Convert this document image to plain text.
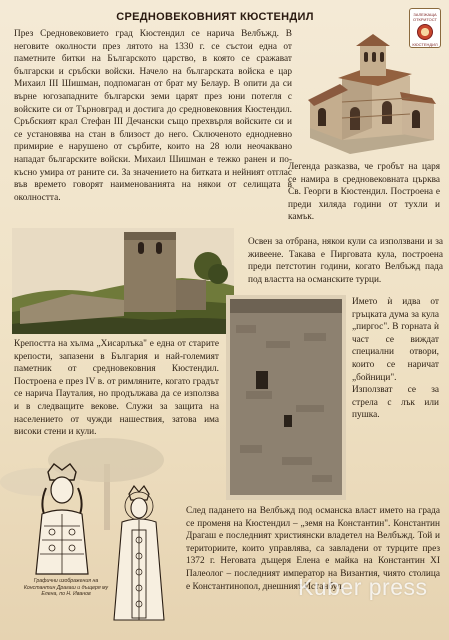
СРЕДНОВЕКОВНИЯТ КЮСТЕНДИЛ	ЗАЛЕЖАЩА ОТКРИТОСТ
КЮСТЕНДИЛ
През Средновековието град Кюстендил се нарича Велбъжд. В неговите околности през лятото на 1330 г. се състои една от паметните битки на Българското царство, в която се сражават български и сръбски войски. Начело на българската войска е цар Михаил III Шишман, подпомаган от брат му Белаур. В опити да си върне югозападните български земи царят през юни потегля с войските си от Търновград и достига до средновековния Кюстендил. Сръбският крал Стефан III Дечански също прехвърля войските си и се установява на стан в близост до него. Сключеното еднодневно примирие е нарушено от сърбите, които на 28 юли неочаквано нападат българските войски. Михаил Шишман е тежко ранен и по-късно умира от раните си. За значението на битката и нейният отглас във времето говорят наименованията на някои от селищата в околността.
Легенда разказва, че гробът на царя се намира в средновековната църква Св. Георги в Кюстендил. Построена е преди хиляда години от тухли и камък.
Освен за отбрана, някои кули са използвани и за живеене. Такава е Пирговата кула, построена преди петстотин години, когато Велбъжд пада под властта на османските турци.
Името ѝ идва от гръцката дума за кула „пиргос". В горната ѝ част се виждат специални отвори, които се наричат „бойници". Използват се за стрела с лък или пушка.
Крепостта на хълма „Хисарлъка" е една от старите крепости, запазени в България и най-големият паметник от средновековния Кюстендил. Построена е през IV в. от римляните, когато градът се нарича Пауталия, но продължава да се използва и в следващите векове. Служи за защита на населението от чужди нашествия, затова има високи стени и кули.
Графични изображения на Константин Драгаш и дъщеря му Елена, по Н. Иванов
След падането на Велбъжд под османска власт името на града се променя на Кюстендил – „земя на Константин". Константин Драгаш е последният християнски владетел на Велбъжд. Той и териториите, които управлява, са завладени от турците през 1372 г. Неговата дъщеря Елена е майка на Константин XI Палеолог – последният император на Византия, чиято столица е Константинопол, днешният Истанбул.
Kuber press
